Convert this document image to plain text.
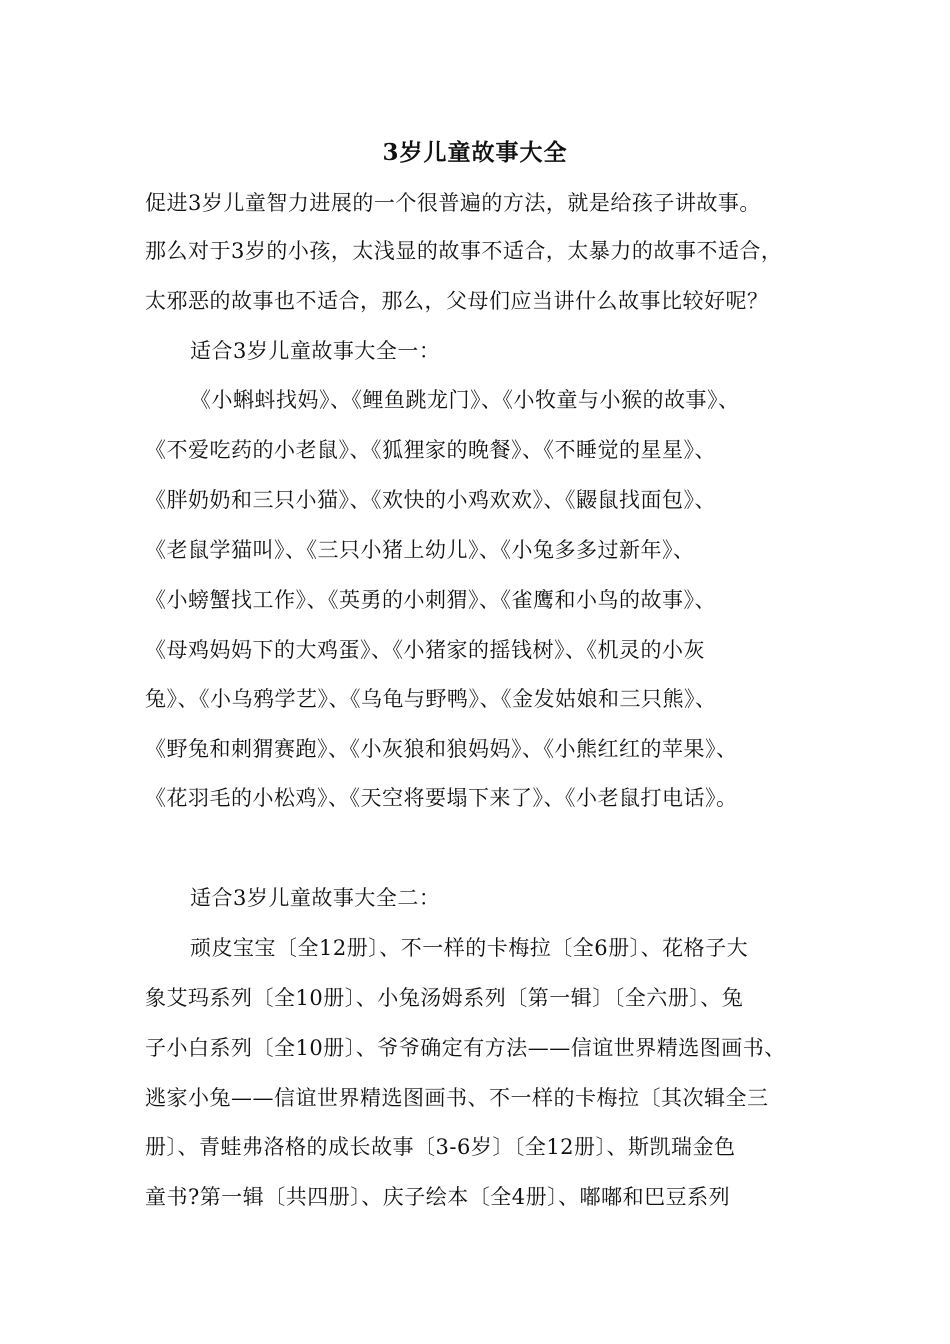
3岁儿童故事大全
促进3岁儿童智力进展的一个很普遍的方法，就是给孩子讲故事。
那么对于3岁的小孩，太浅显的故事不适合，太暴力的故事不适合，
太邪恶的故事也不适合，那么，父母们应当讲什么故事比较好呢？
适合3岁儿童故事大全一：
《小蝌蚪找妈》、《鲤鱼跳龙门》、《小牧童与小猴的故事》、
《不爱吃药的小老鼠》、《狐狸家的晚餐》、《不睡觉的星星》、
《胖奶奶和三只小猫》、《欢快的小鸡欢欢》、《鼹鼠找面包》、
《老鼠学猫叫》、《三只小猪上幼儿》、《小兔多多过新年》、
《小螃蟹找工作》、《英勇的小刺猬》、《雀鹰和小鸟的故事》、
《母鸡妈妈下的大鸡蛋》、《小猪家的摇钱树》、《机灵的小灰
兔》、《小乌鸦学艺》、《乌龟与野鸭》、《金发姑娘和三只熊》、
《野兔和刺猬赛跑》、《小灰狼和狼妈妈》、《小熊红红的苹果》、
《花羽毛的小松鸡》、《天空将要塌下来了》、《小老鼠打电话》。
适合3岁儿童故事大全二：
顽皮宝宝〔全12册〕、不一样的卡梅拉〔全6册〕、花格子大
象艾玛系列〔全10册〕、小兔汤姆系列〔第一辑〕〔全六册〕、兔
子小白系列〔全10册〕、爷爷确定有方法——信谊世界精选图画书、
逃家小兔——信谊世界精选图画书、不一样的卡梅拉〔其次辑全三
册〕、青蛙弗洛格的成长故事〔3-6岁〕〔全12册〕、斯凯瑞金色
童书?第一辑〔共四册〕、庆子绘本〔全4册〕、嘟嘟和巴豆系列
